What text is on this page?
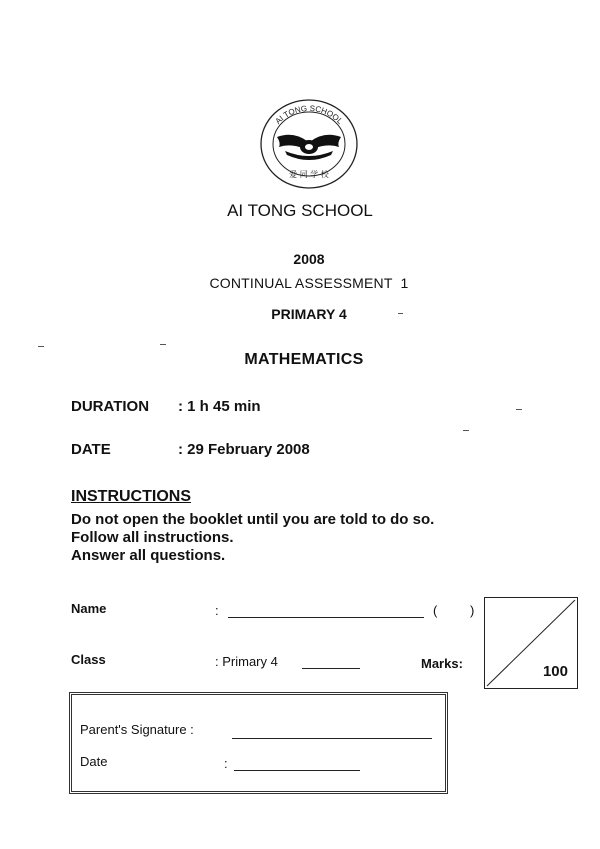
AI TONG SCHOOL
爱 同 学 校
AI TONG SCHOOL
2008
CONTINUAL ASSESSMENT  1
PRIMARY 4
MATHEMATICS
DURATION : 1 h 45 min
DATE	: 29 February 2008
INSTRUCTIONS
Do not open the booklet until you are told to do so.
Follow all instructions.
Answer all questions.
Name	:	(	)
Class	: Primary 4	Marks:	100
Parent's Signature :
Date	:
